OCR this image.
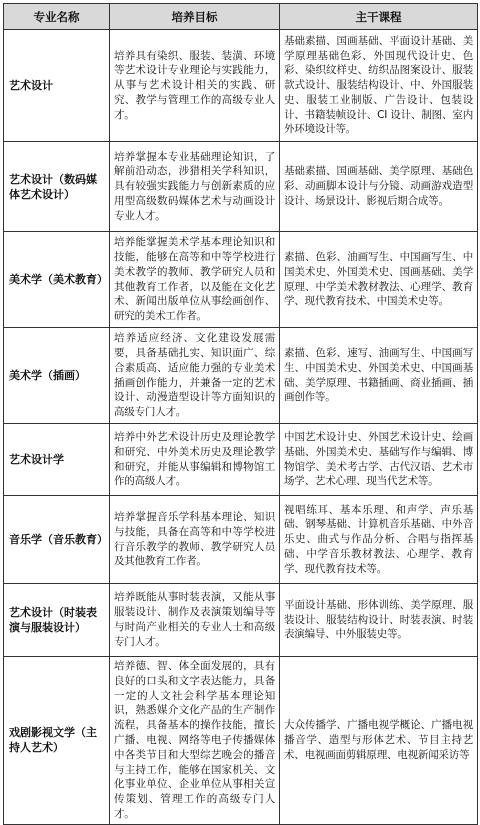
专业名称	培养目标	主干课程
艺术设计	培养具有染织、服装、装潢、环境等艺术设计专业理论与实践能力，从事与艺术设计相关的实践、研究、教学与管理工作的高级专业人才。	基础素描、国画基础、平面设计基础、美学原理基础色彩、外国现代设计史、色彩、染织纹样史、纺织品图案设计、服装款式设计、服装结构设计、中、外国服装史、服装工业制版、广告设计、包装设计、书籍装帧设计、CI 设计、制图、室内外环境设计等。
艺术设计（数码媒体艺术设计）	培养掌握本专业基础理论知识，了解前沿动态，涉猎相关学科知识，具有较强实践能力与创新素质的应用型高级数码媒体艺术与动画设计专业人才。	基础素描、国画基础、美学原理、基础色彩、动画脚本设计与分镜、动画游戏造型设计、场景设计、影视后期合成等。
美术学（美术教育）	培养能掌握美术学基本理论知识和技能，能够在高等和中等学校进行美术教学的教师、教学研究人员和其他教育工作者，以及能在文化艺术、新闻出版单位从事绘画创作、研究的美术工作者。	素描、色彩、油画写生、中国画写生、中国美术史、外国美术史、国画基础、美学原理、中学美术教材教法、心理学、教育学、现代教育技术、中国美术史等。
美术学（插画）	培养适应经济、文化建设发展需要，具备基础扎实、知识面广、综合素质高、适应能力强的专业美术插画创作能力，并兼备一定的艺术设计、动漫造型设计等方面知识的高级专门人才。	素描、色彩、速写、油画写生、中国画写生、中国美术史、外国美术史、中国画基础、美学原理、书籍插画、商业插画、插画创作等。
艺术设计学	培养中外艺术设计历史及理论教学和研究、中外美术历史及理论教学和研究，并能从事编辑和博物馆工作的高级人才。	中国艺术设计史、外国艺术设计史、绘画基础、外国美术史、基础写作与编辑、博物馆学、美术考古学、古代汉语、艺术市场学、艺术心理、现当代艺术等。
音乐学（音乐教育）	培养掌握音乐学科基本理论、知识与技能，具备在高等和中等学校进行音乐教学的教师、教学研究人员及其他教育工作者。	视唱练耳、基本乐理、和声学、声乐基础、钢琴基础、计算机音乐基础、中外音乐史、曲式与作品分析、合唱与指挥基础、中学音乐教材教法、心理学、教育学、现代教育技术等。
艺术设计（时装表演与服装设计）	培养既能从事时装表演，又能从事服装设计、制作及表演策划编导等与时尚产业相关的专业人士和高级专门人才。	平面设计基础、形体训练、美学原理、服装设计、服装结构设计、时装表演、时装表演编导、中外服装史等。
戏剧影视文学（主持人艺术）	培养德、智、体全面发展的，具有良好的口头和文字表达能力，具备一定的人文社会科学基本理论知识，熟悉媒介文化产品的生产制作流程，具备基本的操作技能，擅长广播、电视、网络等电子传播媒体中各类节目和大型综艺晚会的播音与主持工作，能够在国家机关、文化事业单位、企业单位从事相关宣传策划、管理工作的高级专门人才。	大众传播学、广播电视学概论、广播电视播音学、造型与形体艺术、节目主持艺术、电视画面剪辑原理、电视新闻采访等
